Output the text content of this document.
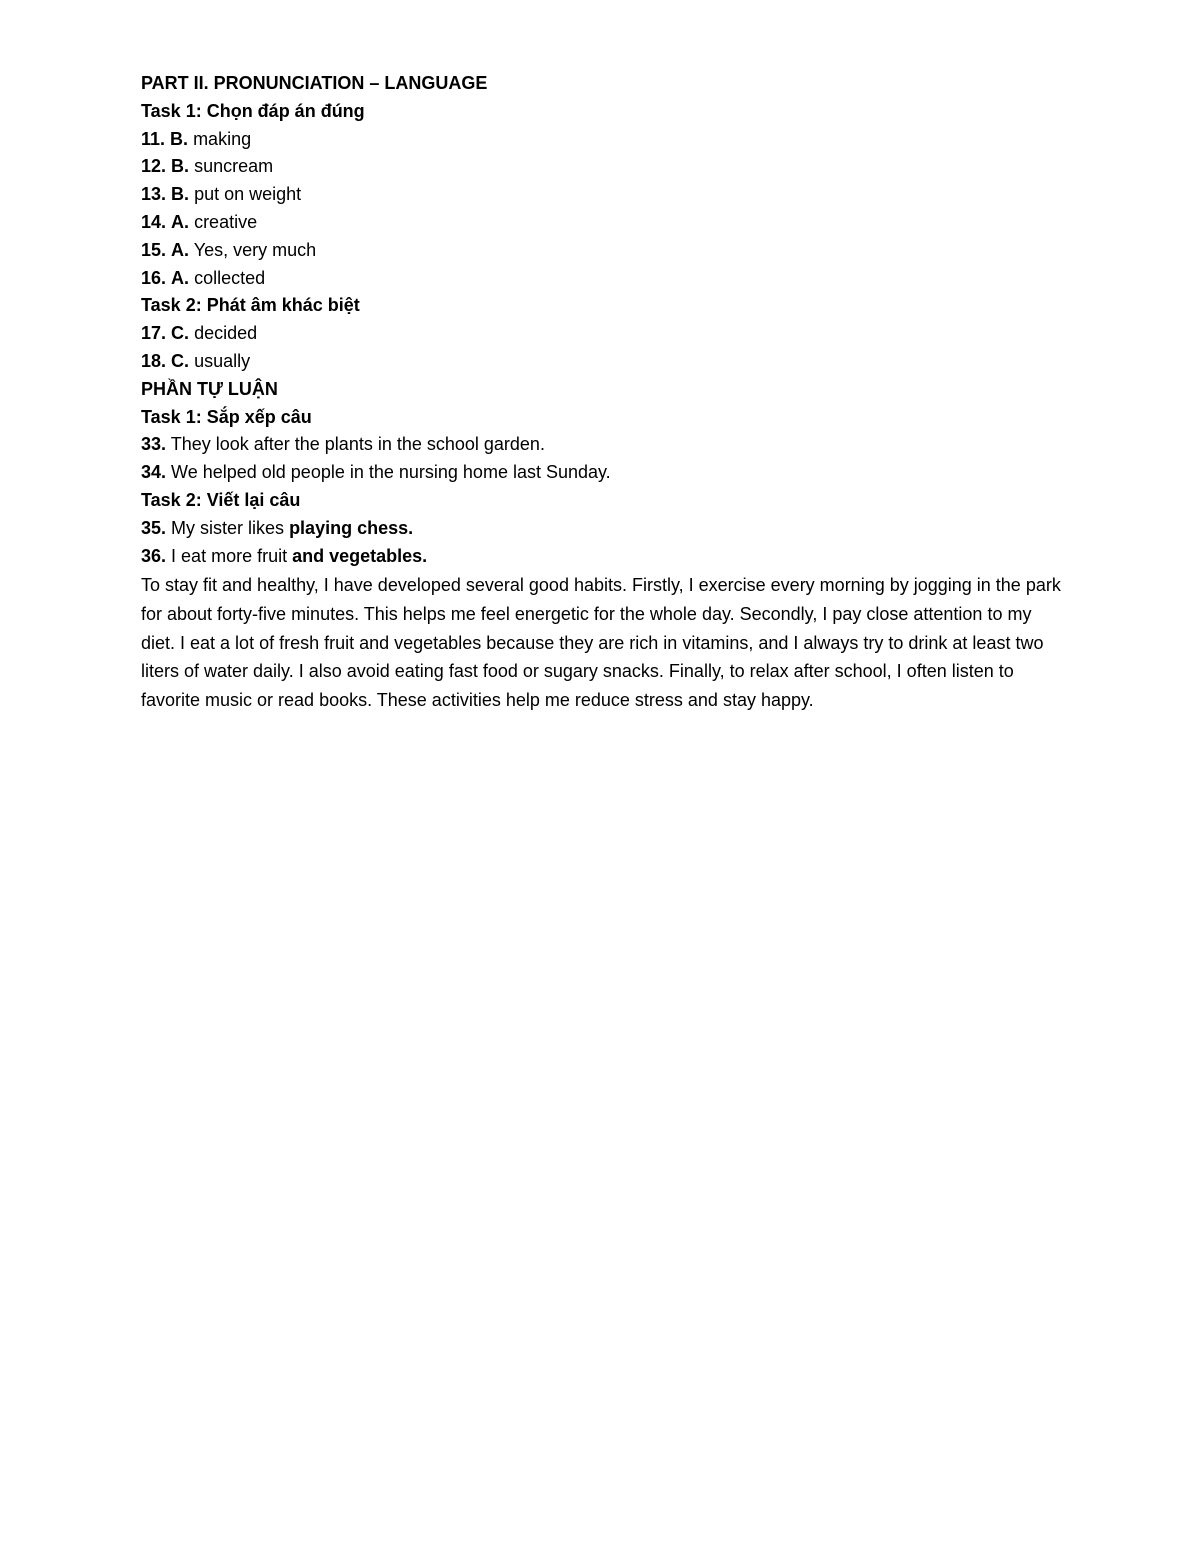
PART II. PRONUNCIATION – LANGUAGE
Task 1: Chọn đáp án đúng
11. B. making
12. B. suncream
13. B. put on weight
14. A. creative
15. A. Yes, very much
16. A. collected
Task 2: Phát âm khác biệt
17. C. decided
18. C. usually
PHẦN TỰ LUẬN
Task 1: Sắp xếp câu
33. They look after the plants in the school garden.
34. We helped old people in the nursing home last Sunday.
Task 2: Viết lại câu
35. My sister likes playing chess.
36. I eat more fruit and vegetables.
To stay fit and healthy, I have developed several good habits. Firstly, I exercise every morning by jogging in the park for about forty-five minutes. This helps me feel energetic for the whole day. Secondly, I pay close attention to my diet. I eat a lot of fresh fruit and vegetables because they are rich in vitamins, and I always try to drink at least two liters of water daily. I also avoid eating fast food or sugary snacks. Finally, to relax after school, I often listen to favorite music or read books. These activities help me reduce stress and stay happy.
